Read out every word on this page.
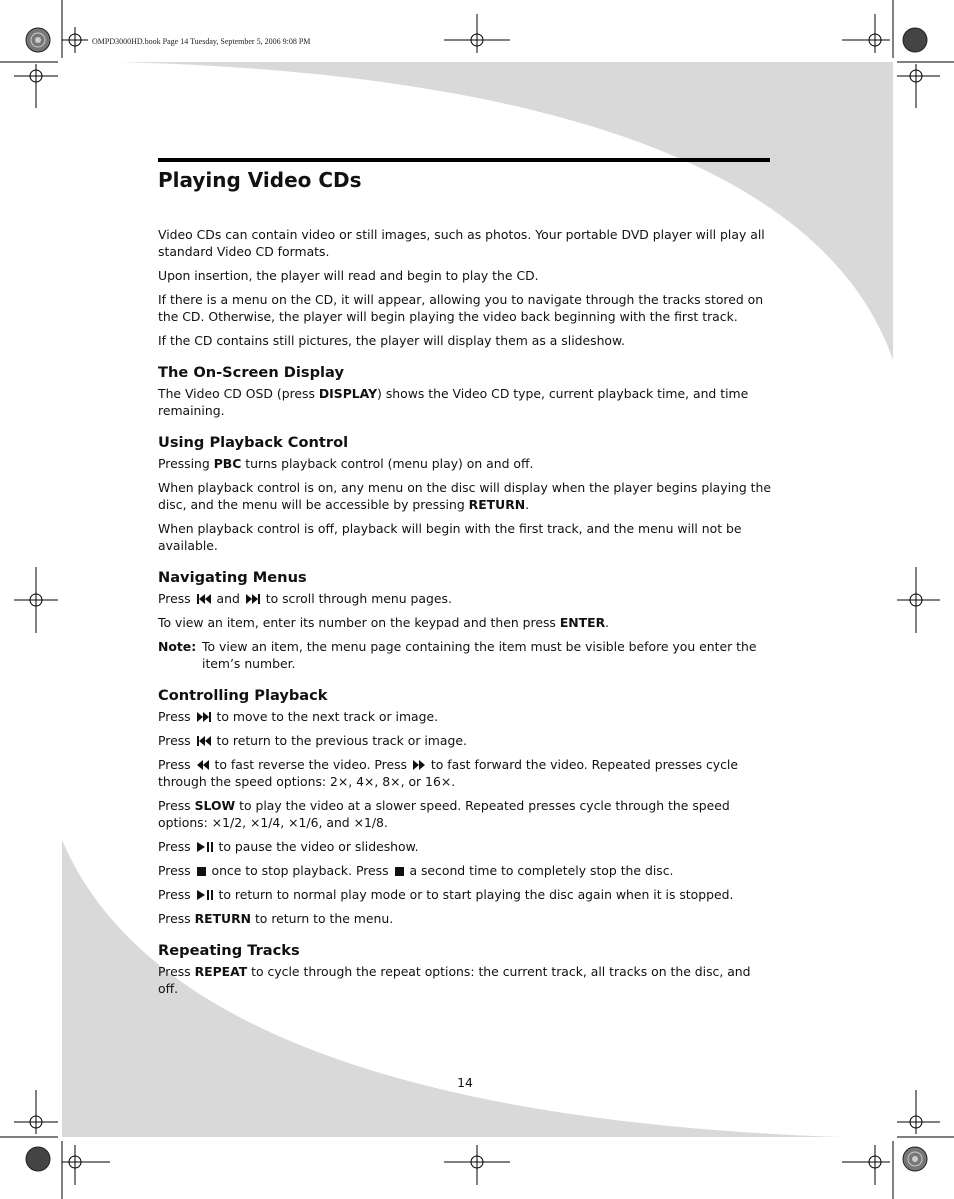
OMPD3000HD.book Page 14 Tuesday, September 5, 2006 9:08 PM
Playing Video CDs

Video CDs can contain video or still images, such as photos. Your portable DVD player will play all standard Video CD formats.

Upon insertion, the player will read and begin to play the CD.

If there is a menu on the CD, it will appear, allowing you to navigate through the tracks stored on the CD. Otherwise, the player will begin playing the video back beginning with the first track.

If the CD contains still pictures, the player will display them as a slideshow.

The On-Screen Display

The Video CD OSD (press DISPLAY) shows the Video CD type, current playback time, and time remaining.

Using Playback Control

Pressing PBC turns playback control (menu play) on and off.

When playback control is on, any menu on the disc will display when the player begins playing the disc, and the menu will be accessible by pressing RETURN.

When playback control is off, playback will begin with the first track, and the menu will not be available.

Navigating Menus

Press  and  to scroll through menu pages.

To view an item, enter its number on the keypad and then press ENTER.

Note: To view an item, the menu page containing the item must be visible before you enter the item’s number.
Controlling Playback

Press  to move to the next track or image.

Press  to return to the previous track or image.

Press  to fast reverse the video. Press  to fast forward the video. Repeated presses cycle through the speed options: 2×, 4×, 8×, or 16×.

Press SLOW to play the video at a slower speed. Repeated presses cycle through the speed options: ×1/2, ×1/4, ×1/6, and ×1/8.

Press  to pause the video or slideshow.

Press  once to stop playback. Press  a second time to completely stop the disc.

Press  to return to normal play mode or to start playing the disc again when it is stopped.

Press RETURN to return to the menu.

Repeating Tracks

Press REPEAT to cycle through the repeat options: the current track, all tracks on the disc, and off.

14
